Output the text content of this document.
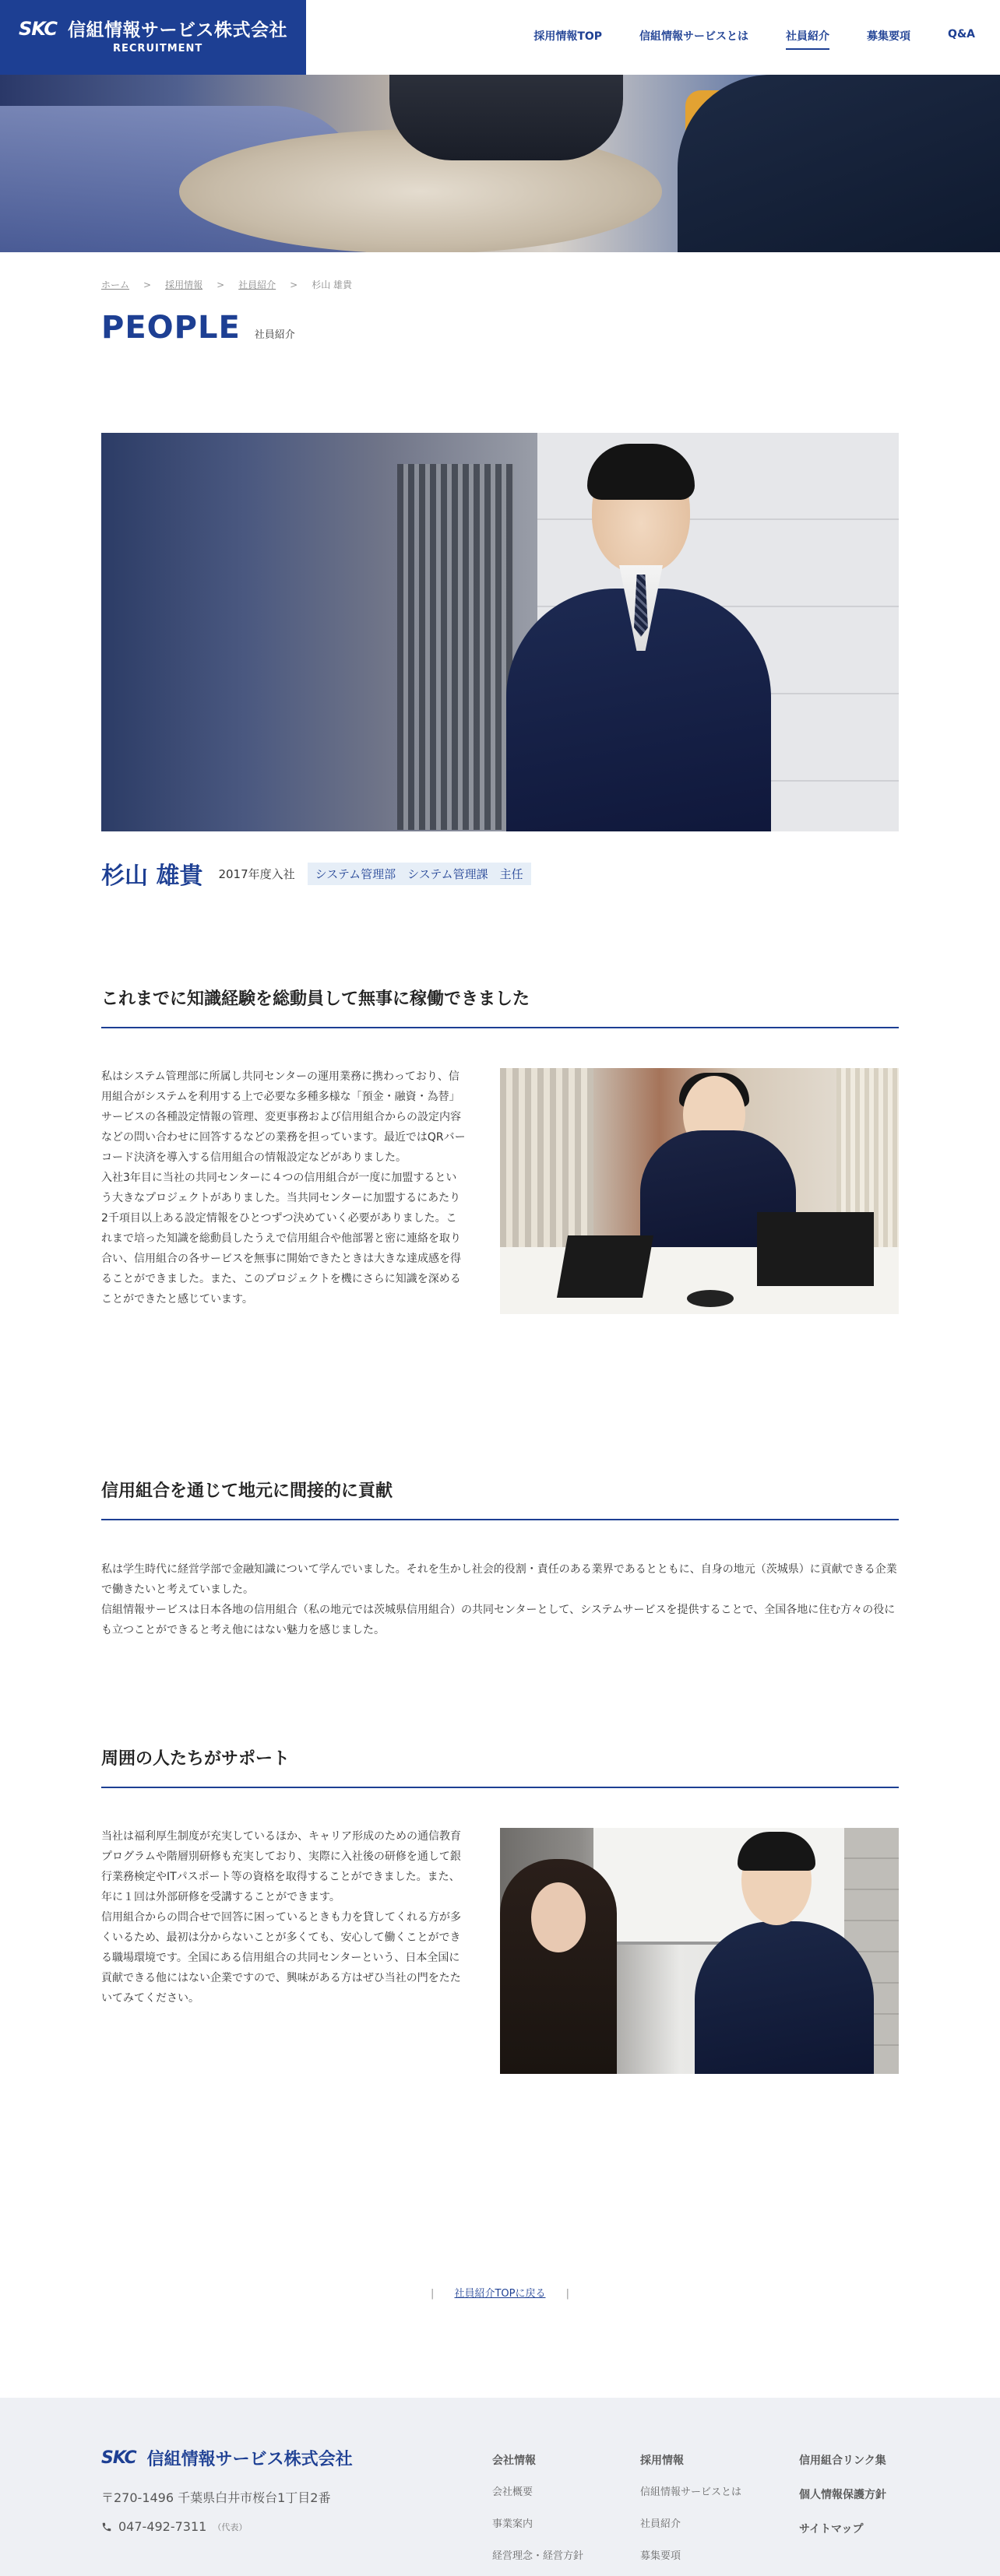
SKC 信組情報サービス株式会社
RECRUITMENT
採用情報TOP	信組情報サービスとは	社員紹介	募集要項	Q&A
ホーム > 採用情報 > 社員紹介 > 杉山 雄貴
PEOPLE 社員紹介
杉山 雄貴 2017年度入社	システム管理部　システム管理課　主任
これまでに知識経験を総動員して無事に稼働できました

私はシステム管理部に所属し共同センターの運用業務に携わっており、信用組合がシステムを利用する上で必要な多種多様な「預金・融資・為替」サービスの各種設定情報の管理、変更事務および信用組合からの設定内容などの問い合わせに回答するなどの業務を担っています。最近ではQRバーコード決済を導入する信用組合の情報設定などがありました。

入社3年目に当社の共同センターに４つの信用組合が一度に加盟するという大きなプロジェクトがありました。当共同センターに加盟するにあたり2千項目以上ある設定情報をひとつずつ決めていく必要がありました。これまで培った知識を総動員したうえで信用組合や他部署と密に連絡を取り合い、信用組合の各サービスを無事に開始できたときは大きな達成感を得ることができました。また、このプロジェクトを機にさらに知識を深めることができたと感じています。

信用組合を通じて地元に間接的に貢献

私は学生時代に経営学部で金融知識について学んでいました。それを生かし社会的役割・責任のある業界であるとともに、自身の地元（茨城県）に貢献できる企業で働きたいと考えていました。

信組情報サービスは日本各地の信用組合（私の地元では茨城県信用組合）の共同センターとして、システムサービスを提供することで、全国各地に住む方々の役にも立つことができると考え他にはない魅力を感じました。

周囲の人たちがサポート

当社は福利厚生制度が充実しているほか、キャリア形成のための通信教育プログラムや階層別研修も充実しており、実際に入社後の研修を通して銀行業務検定やITパスポート等の資格を取得することができました。また、年に１回は外部研修を受講することができます。

信用組合からの問合せで回答に困っているときも力を貸してくれる方が多くいるため、最初は分からないことが多くても、安心して働くことができる職場環境です。全国にある信用組合の共同センターという、日本全国に貢献できる他にはない企業ですので、興味がある方はぜひ当社の門をたたいてみてください。

| 社員紹介TOPに戻る |
SKC 信組情報サービス株式会社
〒270-1496 千葉県白井市桜台1丁目2番
047-492-7311 （代表）
会社情報
会社概要
事業案内
経営理念・経営方針
採用情報
信組情報サービスとは
社員紹介
募集要項
信用組合リンク集
個人情報保護方針
サイトマップ
